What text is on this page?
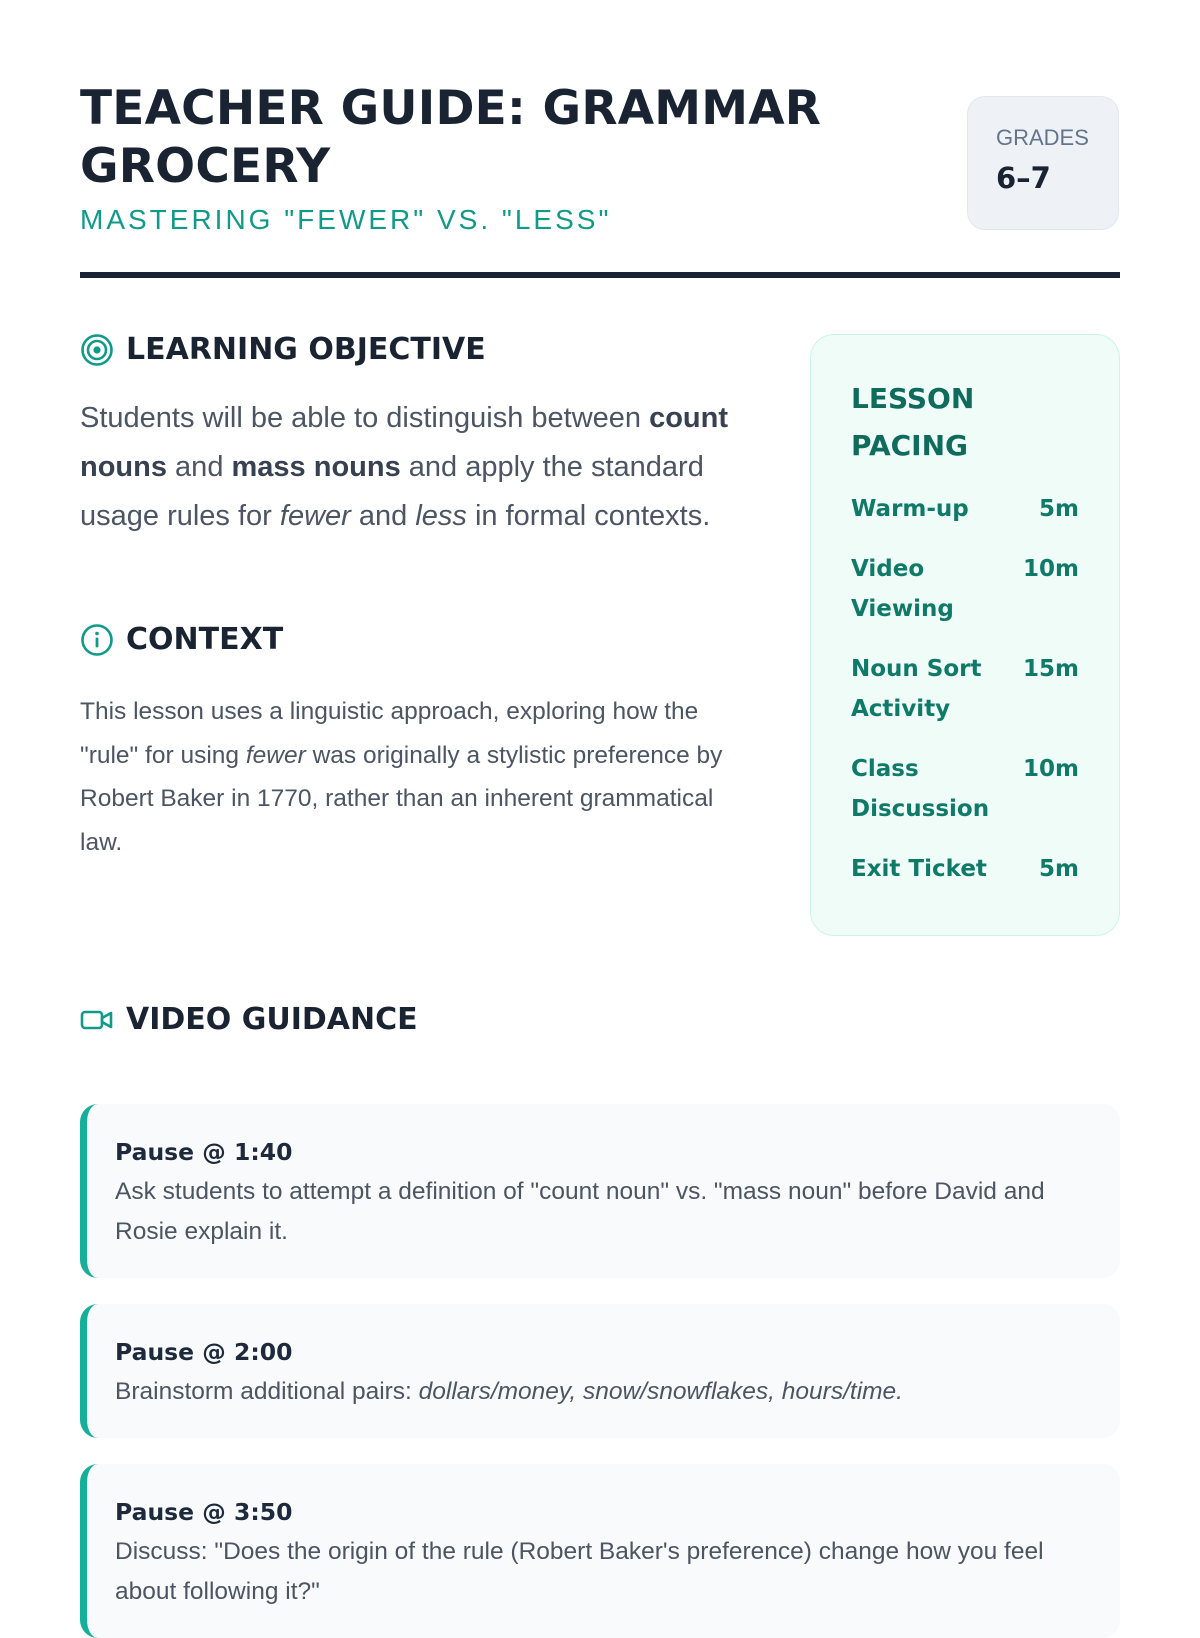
TEACHER GUIDE: GRAMMAR GROCERY
MASTERING "FEWER" VS. "LESS"
GRADES
6–7
LEARNING OBJECTIVE

Students will be able to distinguish between count nouns and mass nouns and apply the standard usage rules for fewer and less in formal contexts.

CONTEXT

This lesson uses a linguistic approach, exploring how the "rule" for using fewer was originally a stylistic preference by Robert Baker in 1770, rather than an inherent grammatical law.

LESSON PACING
Warm-up	5m
Video Viewing
10m
Noun Sort Activity
15m
Class Discussion
10m
Exit Ticket 5m
VIDEO GUIDANCE
Pause @ 1:40
Ask students to attempt a definition of "count noun" vs. "mass noun" before David and Rosie explain it.
Pause @ 2:00
Brainstorm additional pairs: dollars/money, snow/snowflakes, hours/time.
Pause @ 3:50
Discuss: "Does the origin of the rule (Robert Baker's preference) change how you feel about following it?"
